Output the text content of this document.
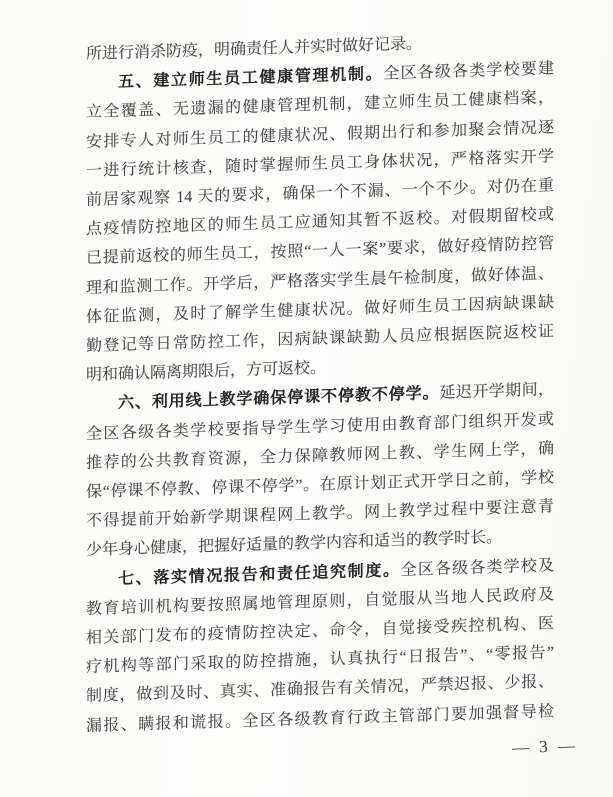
所进行消杀防疫，明确责任人并实时做好记录。
五、建立师生员工健康管理机制。全区各级各类学校要建
立全覆盖、无遗漏的健康管理机制，建立师生员工健康档案，
安排专人对师生员工的健康状况、假期出行和参加聚会情况逐
一进行统计核查，随时掌握师生员工身体状况，严格落实开学
前居家观察 14 天的要求，确保一个不漏、一个不少。对仍在重
点疫情防控地区的师生员工应通知其暂不返校。对假期留校或
已提前返校的师生员工，按照“一人一案”要求，做好疫情防控管
理和监测工作。开学后，严格落实学生晨午检制度，做好体温、
体征监测，及时了解学生健康状况。做好师生员工因病缺课缺
勤登记等日常防控工作，因病缺课缺勤人员应根据医院返校证
明和确认隔离期限后，方可返校。
六、利用线上教学确保停课不停教不停学。延迟开学期间，
全区各级各类学校要指导学生学习使用由教育部门组织开发或
推荐的公共教育资源，全力保障教师网上教、学生网上学，确
保“停课不停教、停课不停学”。在原计划正式开学日之前，学校
不得提前开始新学期课程网上教学。网上教学过程中要注意青
少年身心健康，把握好适量的教学内容和适当的教学时长。
七、落实情况报告和责任追究制度。全区各级各类学校及
教育培训机构要按照属地管理原则，自觉服从当地人民政府及
相关部门发布的疫情防控决定、命令，自觉接受疾控机构、医
疗机构等部门采取的防控措施，认真执行“日报告”、“零报告”
制度，做到及时、真实、准确报告有关情况，严禁迟报、少报、
漏报、瞒报和谎报。全区各级教育行政主管部门要加强督导检
— 3 —
